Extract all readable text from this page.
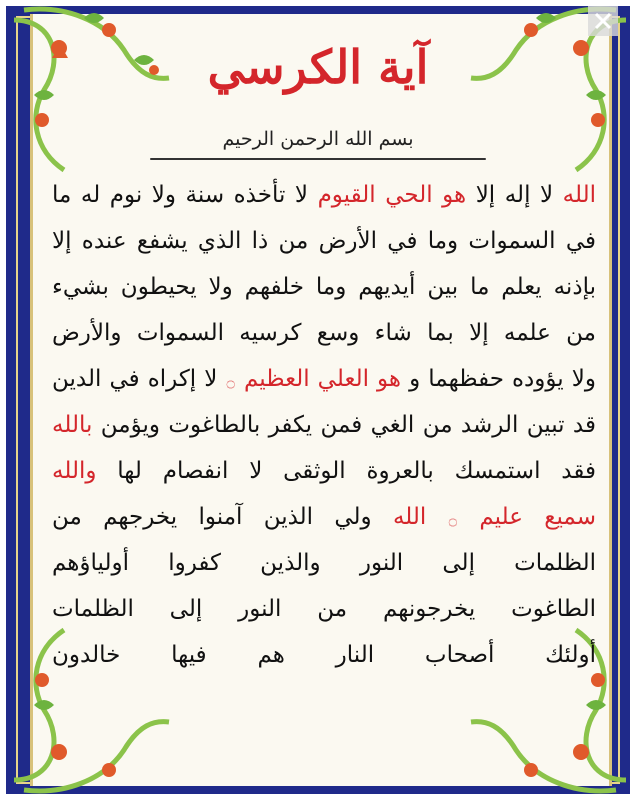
آية الكرسي
بسم الله الرحمن الرحيم
الله لا إله إلا هو الحي القيوم لا تأخذه سنة ولا نوم له ما
في السموات وما في الأرض من ذا الذي يشفع عنده إلا
بإذنه يعلم ما بين أيديهم وما خلفهم ولا يحيطون بشيء
من علمه إلا بما شاء وسع كرسيه السموات والأرض
ولا يؤوده حفظهما و هو العلي العظيم ۝ لا إكراه في الدين
قد تبين الرشد من الغي فمن يكفر بالطاغوت ويؤمن بالله
فقد استمسك بالعروة الوثقى لا انفصام لها والله
سميع عليم ۝ الله ولي الذين آمنوا يخرجهم من
الظلمات إلى النور والذين كفروا أولياؤهم
الطاغوت يخرجونهم من النور إلى الظلمات
أولئك أصحاب النار هم فيها خالدون
